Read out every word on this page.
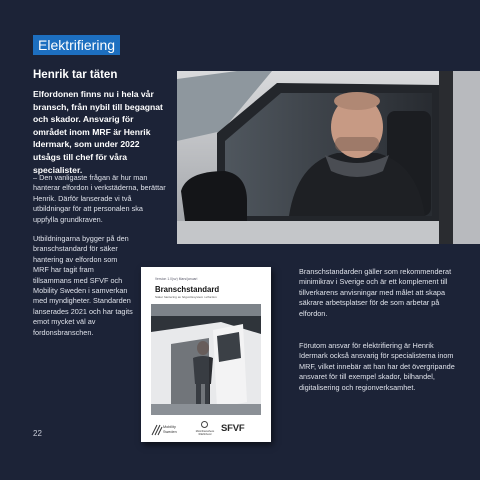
Elektrifiering
Henrik tar täten

Elfordonen finns nu i hela vår bransch, från nybil till begagnat och skador. Ansvarig för området inom MRF är Henrik Idermark, som under 2022 utsågs till chef för våra specialister.

– Den vanligaste frågan är hur man hanterar elfordon i verkstäderna, berättar Henrik. Därför lanserade vi två utbildningar för att personalen ska uppfylla grundkraven.

Utbildningarna bygger på den branschstandard för säker hantering av elfordon som MRF har tagit fram tillsammans med SFVF och Mobility Sweden i samverkan med myndigheter. Standarden lanserades 2021 och har tagits emot mycket väl av fordonsbranschen.

Branschstandarden gäller som rekommenderat minimikrav i Sverige och är ett komplement till tillverkarens anvisningar med målet att skapa säkrare arbetsplatser för de som arbetar på elfordon.

Förutom ansvar för elektrifiering är Henrik Idermark också ansvarig för specialisterna inom MRF, vilket innebär att han har det övergripande ansvaret för till exempel skador, bilhandel, digitalisering och regionverksamhet.

22
Version 1.0(sv) Mars/januari
Branschstandard
Säker hantering av högvoltssystem i elfordon
Mobility
Sweden	Motorbranschens Riksförbund
SFVF
